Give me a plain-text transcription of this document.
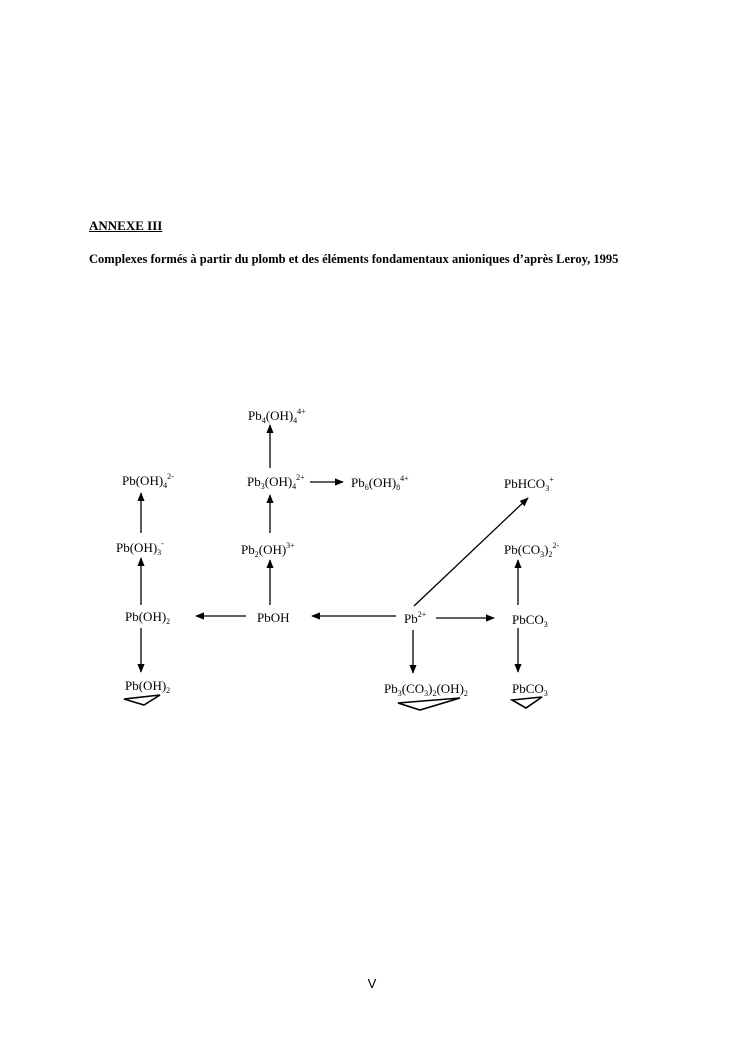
ANNEXE III

Complexes formés à partir du plomb et des éléments fondamentaux anioniques d’après Leroy, 1995

Pb4(OH)44+
Pb(OH)42-	Pb3(OH)42+	Pb6(OH)84+	PbHCO3+
Pb(OH)3-	Pb2(OH)3+	Pb(CO3)22-
Pb(OH)2	PbOH	Pb2+	PbCO3
Pb(OH)2	Pb3(CO3)2(OH)2	PbCO3
V
